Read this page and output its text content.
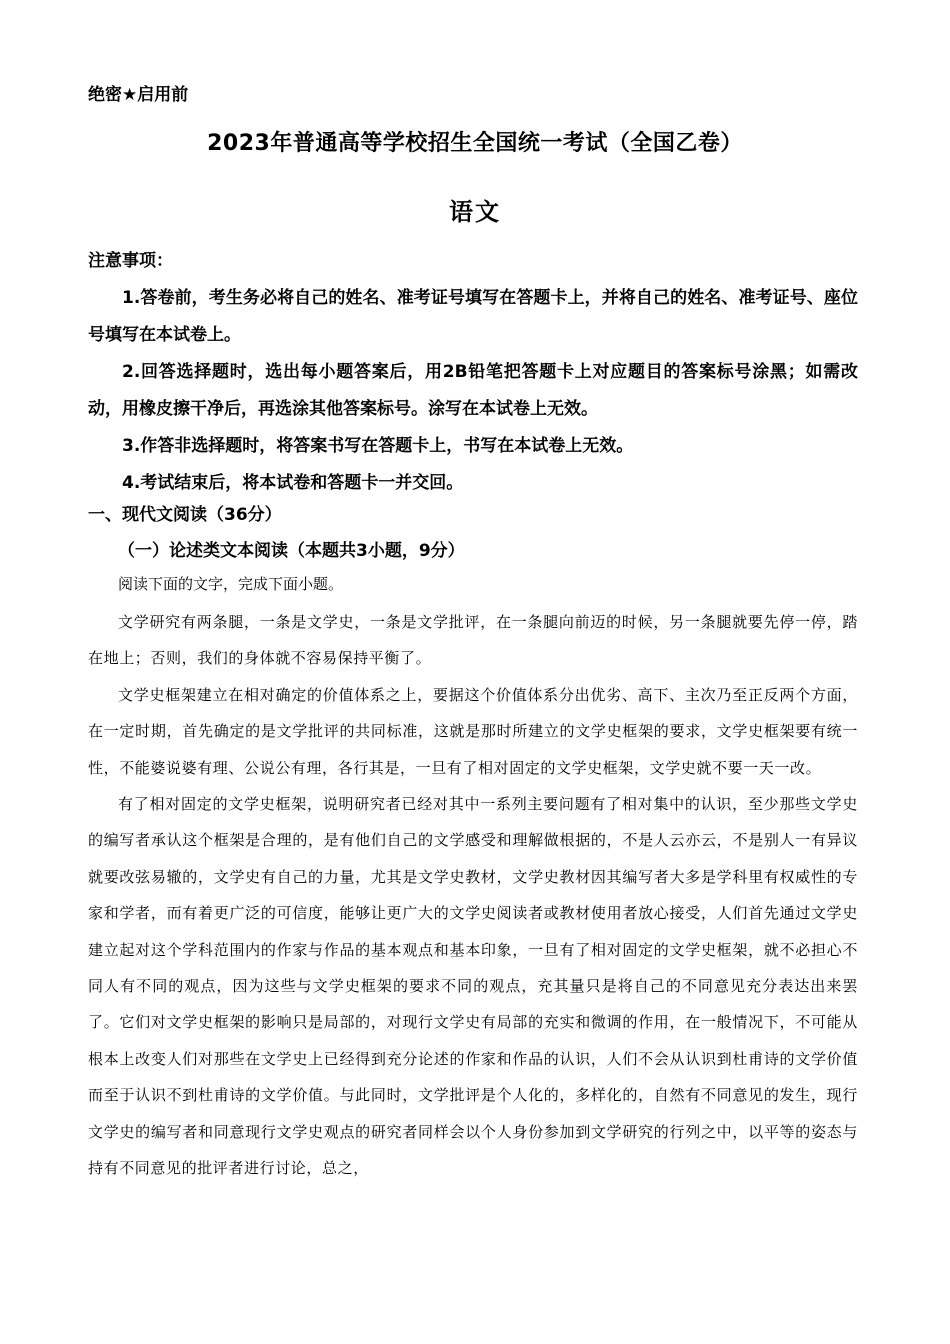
绝密★启用前
2023年普通高等学校招生全国统一考试（全国乙卷）
语文
注意事项：

1.答卷前，考生务必将自己的姓名、准考证号填写在答题卡上，并将自己的姓名、准考证号、座位号填写在本试卷上。

2.回答选择题时，选出每小题答案后，用2B铅笔把答题卡上对应题目的答案标号涂黑；如需改动，用橡皮擦干净后，再选涂其他答案标号。涂写在本试卷上无效。

3.作答非选择题时，将答案书写在答题卡上，书写在本试卷上无效。

4.考试结束后，将本试卷和答题卡一并交回。

一、现代文阅读（36分）
（一）论述类文本阅读（本题共3小题，9分）
阅读下面的文字，完成下面小题。

文学研究有两条腿，一条是文学史，一条是文学批评，在一条腿向前迈的时候，另一条腿就要先停一停，踏在地上；否则，我们的身体就不容易保持平衡了。

文学史框架建立在相对确定的价值体系之上，要据这个价值体系分出优劣、高下、主次乃至正反两个方面，在一定时期，首先确定的是文学批评的共同标准，这就是那时所建立的文学史框架的要求，文学史框架要有统一性，不能婆说婆有理、公说公有理，各行其是，一旦有了相对固定的文学史框架，文学史就不要一天一改。

有了相对固定的文学史框架，说明研究者已经对其中一系列主要问题有了相对集中的认识，至少那些文学史的编写者承认这个框架是合理的，是有他们自己的文学感受和理解做根据的，不是人云亦云，不是别人一有异议就要改弦易辙的，文学史有自己的力量，尤其是文学史教材，文学史教材因其编写者大多是学科里有权威性的专家和学者，而有着更广泛的可信度，能够让更广大的文学史阅读者或教材使用者放心接受，人们首先通过文学史建立起对这个学科范围内的作家与作品的基本观点和基本印象，一旦有了相对固定的文学史框架，就不必担心不同人有不同的观点，因为这些与文学史框架的要求不同的观点，充其量只是将自己的不同意见充分表达出来罢了。它们对文学史框架的影响只是局部的，对现行文学史有局部的充实和微调的作用，在一般情况下，不可能从根本上改变人们对那些在文学史上已经得到充分论述的作家和作品的认识，人们不会从认识到杜甫诗的文学价值而至于认识不到杜甫诗的文学价值。与此同时，文学批评是个人化的，多样化的，自然有不同意见的发生，现行文学史的编写者和同意现行文学史观点的研究者同样会以个人身份参加到文学研究的行列之中，以平等的姿态与持有不同意见的批评者进行讨论，总之，
